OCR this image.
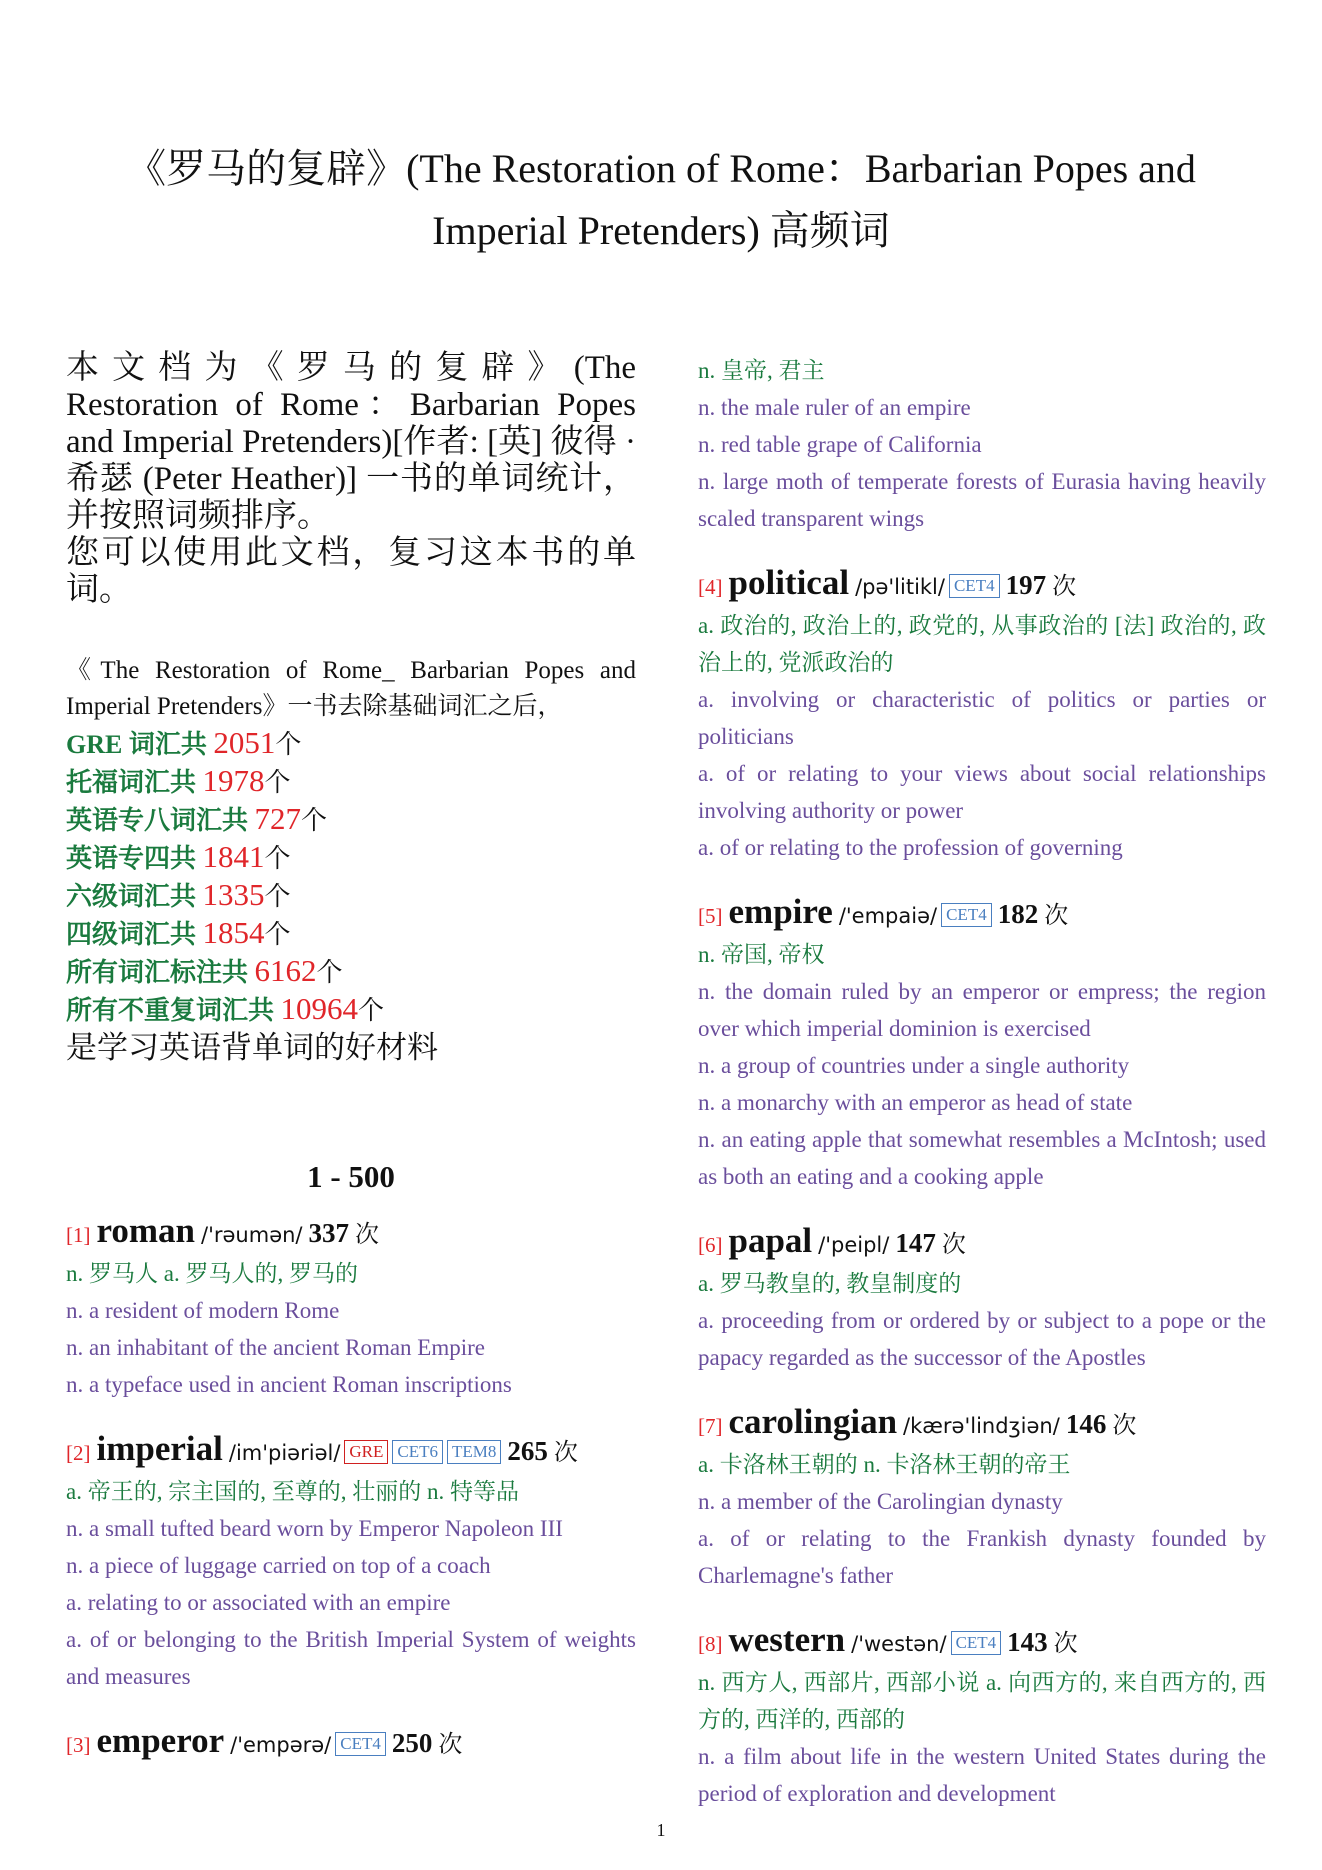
《罗马的复辟》(The Restoration of Rome：Barbarian Popes and
Imperial Pretenders) 高频词

本文档为《罗马的复辟》(The Restoration of Rome：Barbarian Popes and Imperial Pretenders)[作者: [英] 彼得 · 希瑟 (Peter Heather)] 一书的单词统计，并按照词频排序。

您可以使用此文档，复习这本书的单词。

《The Restoration of Rome_ Barbarian Popes and Imperial Pretenders》一书去除基础词汇之后，
GRE 词汇共 2051个
托福词汇共 1978个
英语专八词汇共 727个
英语专四共 1841个
六级词汇共 1335个
四级词汇共 1854个
所有词汇标注共 6162个
所有不重复词汇共 10964个
是学习英语背单词的好材料
1 - 500
[1] roman /'rəumən/ 337 次

n. 罗马人 a. 罗马人的, 罗马的

n. a resident of modern Rome

n. an inhabitant of the ancient Roman Empire

n. a typeface used in ancient Roman inscriptions

[2] imperial /im'piəriəl/ GRE CET6 TEM8 265 次

a. 帝王的, 宗主国的, 至尊的, 壮丽的 n. 特等品

n. a small tufted beard worn by Emperor Napoleon III

n. a piece of luggage carried on top of a coach

a. relating to or associated with an empire

a. of or belonging to the British Imperial System of weights and measures

[3] emperor /'empərə/ CET4 250 次

n. 皇帝, 君主

n. the male ruler of an empire

n. red table grape of California

n. large moth of temperate forests of Eurasia having heavily scaled transparent wings

[4] political /pə'litikl/ CET4 197 次

a. 政治的, 政治上的, 政党的, 从事政治的 [法] 政治的, 政治上的, 党派政治的

a. involving or characteristic of politics or parties or politicians

a. of or relating to your views about social relationships involving authority or power

a. of or relating to the profession of governing

[5] empire /'empaiə/ CET4 182 次

n. 帝国, 帝权

n. the domain ruled by an emperor or empress; the region over which imperial dominion is exercised

n. a group of countries under a single authority

n. a monarchy with an emperor as head of state

n. an eating apple that somewhat resembles a McIntosh; used as both an eating and a cooking apple

[6] papal /'peipl/ 147 次

a. 罗马教皇的, 教皇制度的

a. proceeding from or ordered by or subject to a pope or the papacy regarded as the successor of the Apostles

[7] carolingian /kærə'lindʒiən/ 146 次

a. 卡洛林王朝的 n. 卡洛林王朝的帝王

n. a member of the Carolingian dynasty

a. of or relating to the Frankish dynasty founded by Charlemagne's father

[8] western /'westən/ CET4 143 次

n. 西方人, 西部片, 西部小说 a. 向西方的, 来自西方的, 西方的, 西洋的, 西部的

n. a film about life in the western United States during the period of exploration and development

1
